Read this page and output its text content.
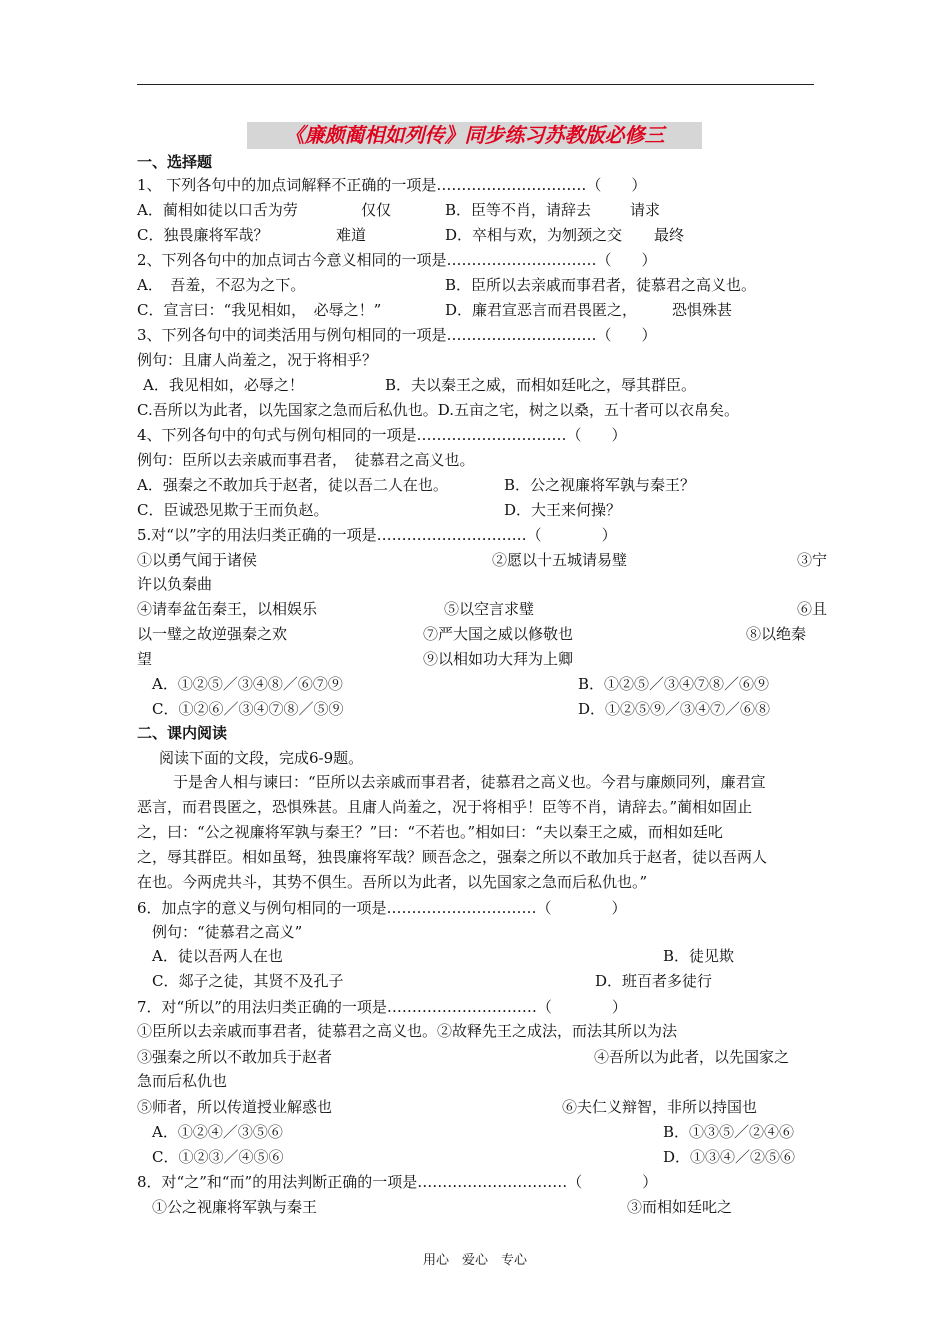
《廉颇蔺相如列传》同步练习苏教版必修三
一、选择题
二、课内阅读
1、 下列各句中的加点词解释不正确的一项是…………………………（　　）
A．蔺相如徒以口舌为劳	仅仅	B．臣等不肖，请辞去	请求
C．独畏廉将军哉？	难道	D．卒相与欢，为刎颈之交 最终
2、下列各句中的加点词古今意义相同的一项是…………………………（　　）
A．　吾羞，不忍为之下。	B．臣所以去亲戚而事君者，徒慕君之高义也。
C．宣言曰：“我见相如，　必辱之！”	D．廉君宣恶言而君畏匿之， 恐惧殊甚
3、下列各句中的词类活用与例句相同的一项是…………………………（　　）
例句：且庸人尚羞之，况于将相乎？
A．我见相如，必辱之！	B．夫以秦王之威，而相如廷叱之，辱其群臣。
C.吾所以为此者，以先国家之急而后私仇也。D.五亩之宅，树之以桑，五十者可以衣帛矣。
4、下列各句中的句式与例句相同的一项是…………………………（　　）
例句：臣所以去亲戚而事君者，　徒慕君之高义也。
A．强秦之不敢加兵于赵者，徒以吾二人在也。	B．公之视廉将军孰与秦王？
C．臣诚恐见欺于王而负赵。	D．大王来何操？
5.对“以”字的用法归类正确的一项是…………………………（　　　　）
①以勇气闻于诸侯	②愿以十五城请易璧	③宁
许以负秦曲
④请奉盆缶秦王，以相娱乐	⑤以空言求璧	⑥且
以一璧之故逆强秦之欢	⑦严大国之威以修敬也	⑧以绝秦
望	⑨以相如功大拜为上卿
A．①②⑤／③④⑧／⑥⑦⑨	B．①②⑤／③④⑦⑧／⑥⑨
C．①②⑥／③④⑦⑧／⑤⑨	D．①②⑤⑨／③④⑦／⑥⑧
阅读下面的文段，完成6-9题。
于是舍人相与谏曰：“臣所以去亲戚而事君者，徒慕君之高义也。今君与廉颇同列，廉君宣
恶言，而君畏匿之，恐惧殊甚。且庸人尚羞之，况于将相乎！臣等不肖，请辞去。”蔺相如固止
之，曰：“公之视廉将军孰与秦王？”曰：“不若也。”相如曰：“夫以秦王之威，而相如廷叱
之，辱其群臣。相如虽驽，独畏廉将军哉？顾吾念之，强秦之所以不敢加兵于赵者，徒以吾两人
在也。今两虎共斗，其势不俱生。吾所以为此者，以先国家之急而后私仇也。”
6．加点字的意义与例句相同的一项是…………………………（　　　　）
例句：“徒慕君之高义”
A．徒以吾两人在也	B．徒见欺
C．郯子之徒，其贤不及孔子	D．班百者多徒行
7．对“所以”的用法归类正确的一项是…………………………（　　　　）
①臣所以去亲戚而事君者，徒慕君之高义也。②故释先王之成法，而法其所以为法
③强秦之所以不敢加兵于赵者	④吾所以为此者，以先国家之
急而后私仇也
⑤师者，所以传道授业解惑也	⑥夫仁义辩智，非所以持国也
A．①②④／③⑤⑥	B．①③⑤／②④⑥
C．①②③／④⑤⑥	D．①③④／②⑤⑥
8．对“之”和“而”的用法判断正确的一项是…………………………（　　　　）
①公之视廉将军孰与秦王	③而相如廷叱之
用心　爱心　专心
